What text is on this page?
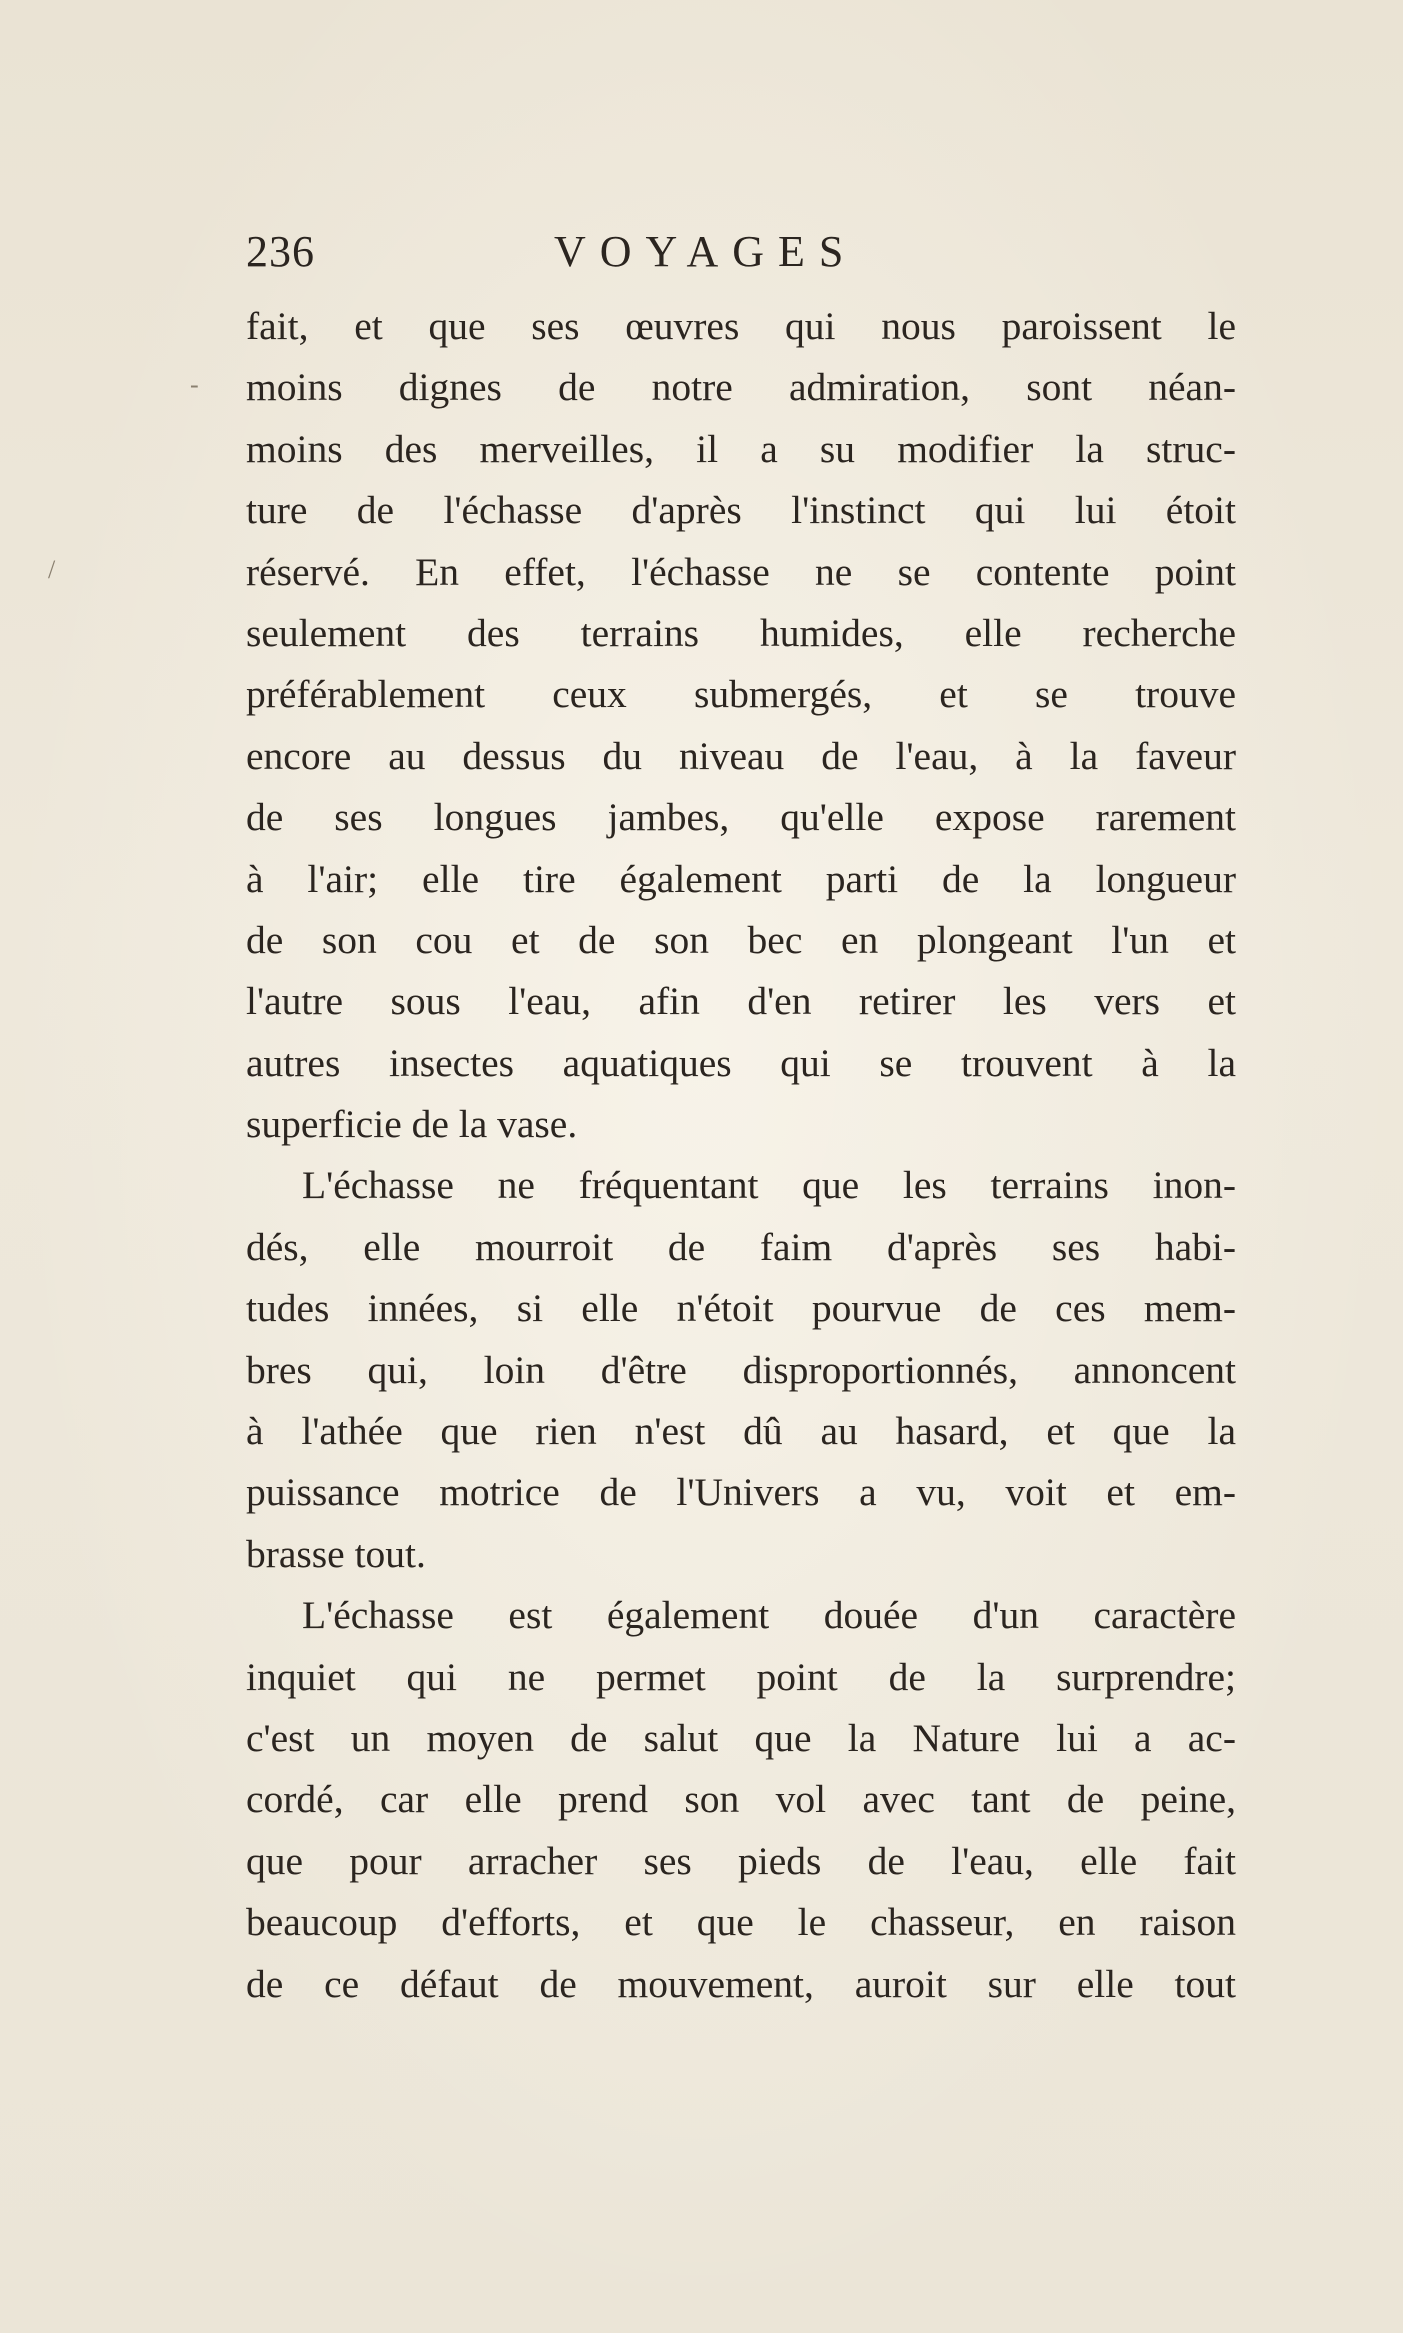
236	VOYAGES
fait, et que ses œuvres qui nous paroissent le
moins dignes de notre admiration, sont néan-
moins des merveilles, il a su modifier la struc-
ture de l'échasse d'après l'instinct qui lui étoit
réservé. En effet, l'échasse ne se contente point
seulement des terrains humides, elle recherche
préférablement ceux submergés, et se trouve
encore au dessus du niveau de l'eau, à la faveur
de ses longues jambes, qu'elle expose rarement
à l'air; elle tire également parti de la longueur
de son cou et de son bec en plongeant l'un et
l'autre sous l'eau, afin d'en retirer les vers et
autres insectes aquatiques qui se trouvent à la
superficie de la vase.
L'échasse ne fréquentant que les terrains inon-
dés, elle mourroit de faim d'après ses habi-
tudes innées, si elle n'étoit pourvue de ces mem-
bres qui, loin d'être disproportionnés, annoncent
à l'athée que rien n'est dû au hasard, et que la
puissance motrice de l'Univers a vu, voit et em-
brasse tout.
L'échasse est également douée d'un caractère
inquiet qui ne permet point de la surprendre;
c'est un moyen de salut que la Nature lui a ac-
cordé, car elle prend son vol avec tant de peine,
que pour arracher ses pieds de l'eau, elle fait
beaucoup d'efforts, et que le chasseur, en raison
de ce défaut de mouvement, auroit sur elle tout
-
/
